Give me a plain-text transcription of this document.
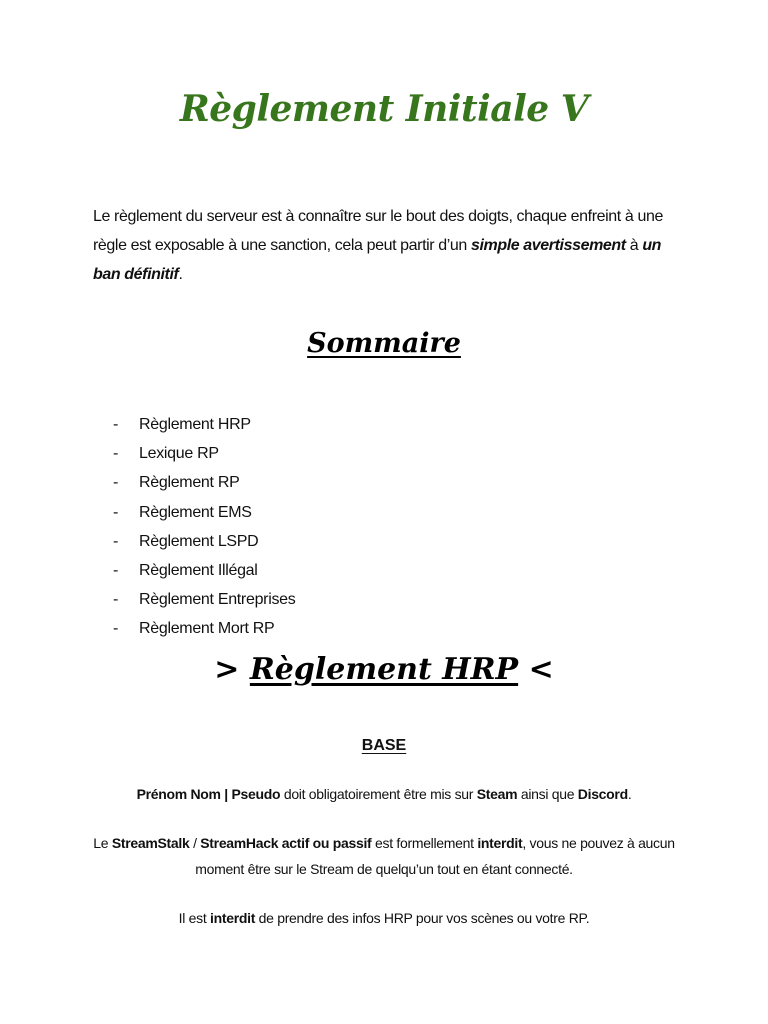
Règlement Initiale V

Le règlement du serveur est à connaître sur le bout des doigts, chaque enfreint à une règle est exposable à une sanction, cela peut partir d’un simple avertissement à un ban définitif.

Sommaire
-	Règlement HRP
-	Lexique RP
-	Règlement RP
-	Règlement EMS
-	Règlement LSPD
-	Règlement Illégal
-	Règlement Entreprises
-	Règlement Mort RP
> Règlement HRP <
BASE

Prénom Nom | Pseudo doit obligatoirement être mis sur Steam ainsi que Discord.

Le StreamStalk / StreamHack actif ou passif est formellement interdit, vous ne pouvez à aucun moment être sur le Stream de quelqu’un tout en étant connecté.

Il est interdit de prendre des infos HRP pour vos scènes ou votre RP.
